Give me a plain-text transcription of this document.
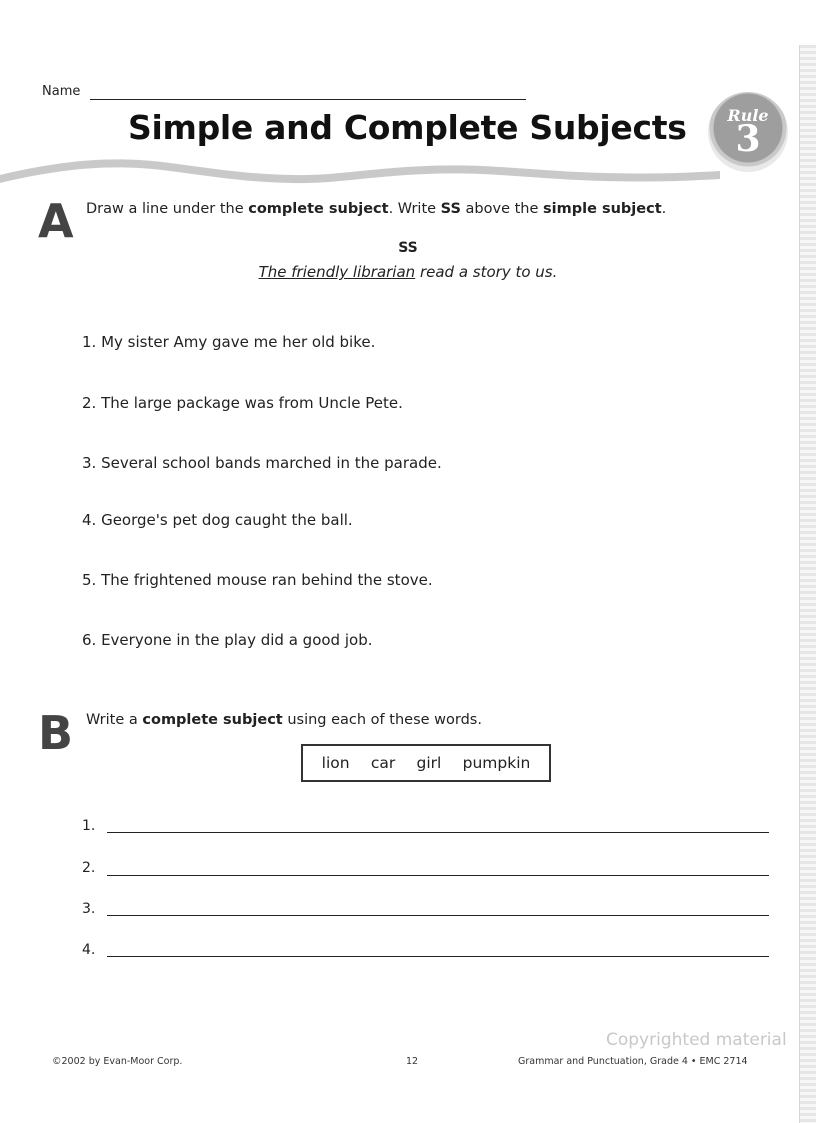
Name
Simple and Complete Subjects	Rule
3
A Draw a line under the complete subject. Write SS above the simple subject.
SS
The friendly librarian read a story to us.
1. My sister Amy gave me her old bike.
2. The large package was from Uncle Pete.
3. Several school bands marched in the parade.
4. George's pet dog caught the ball.
5. The frightened mouse ran behind the stove.
6. Everyone in the play did a good job.
B Write a complete subject using each of these words.
lion car girl pumpkin
1.
2.
3.
4.
Copyrighted material
©2002 by Evan-Moor Corp.	12	Grammar and Punctuation, Grade 4 • EMC 2714
